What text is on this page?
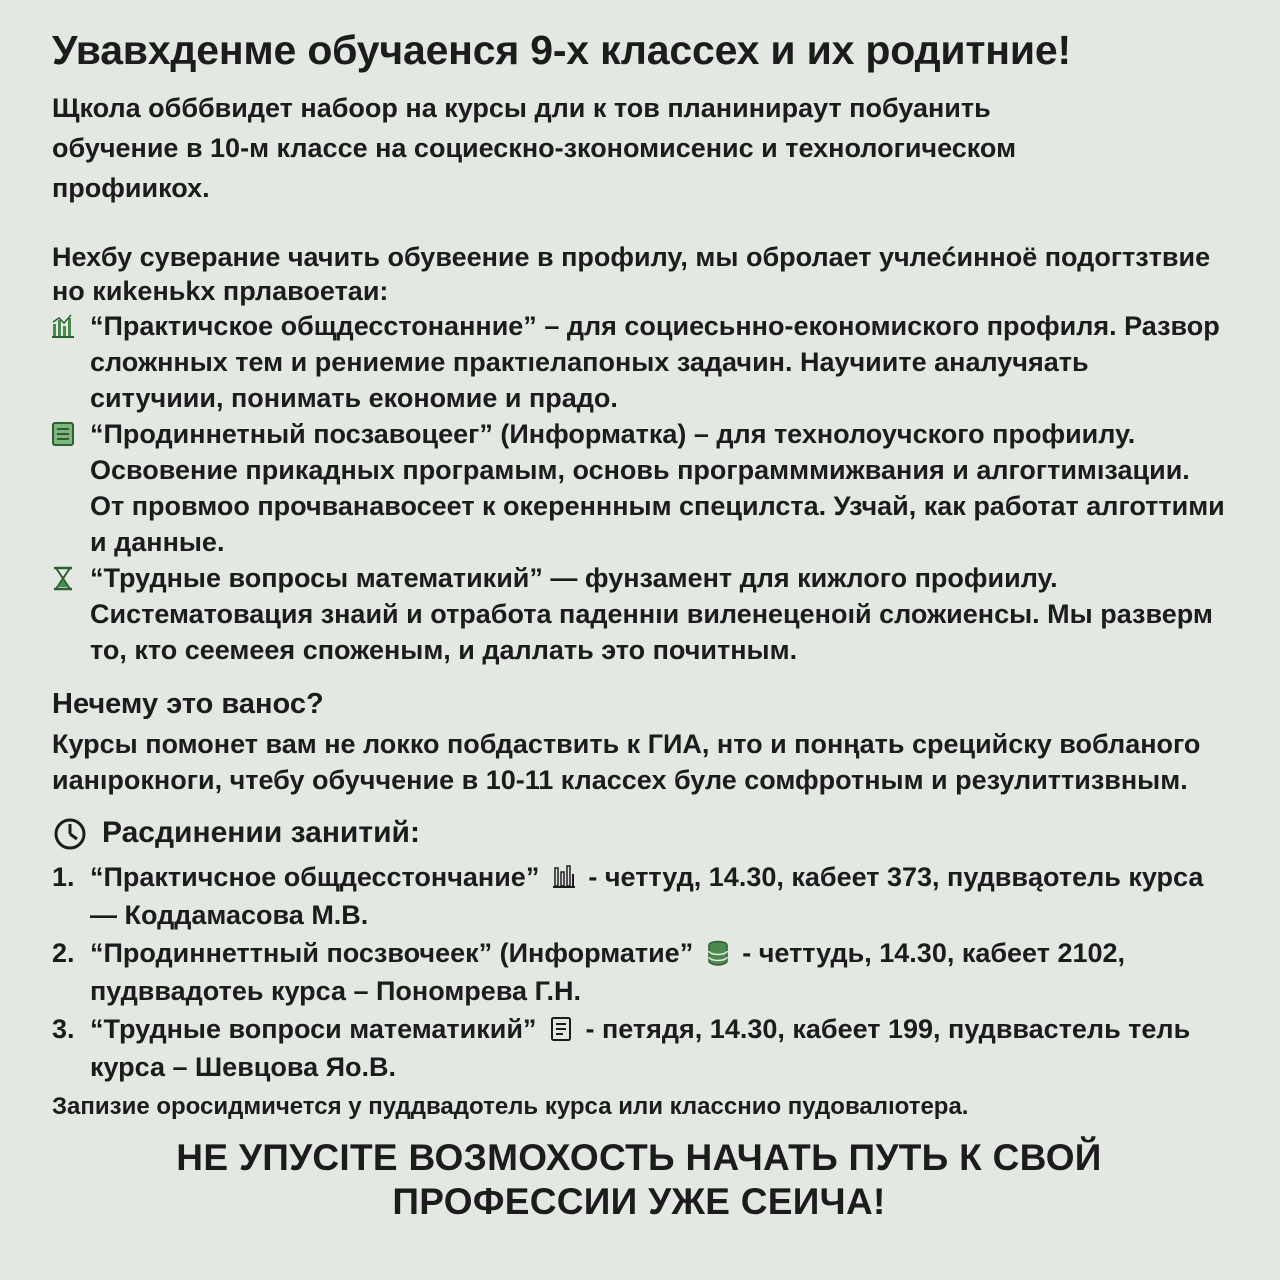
Увавхденме обучаенся 9-х классех и их родитние!

Щкола обббвидет набоор на курсы дли к тов планинираут побуанить обучение в 10-м классе на социескно-зкономисенис и технологическом профиикох.

Нехбу суверание чачить обувеение в профилу, мы обролает учлеćинноё подогтзтвие но киkеньkх прлавоетаи:

“Практичское общдесстонанние” – для социесьнно-економиского профиля. Развор сложнных тем и рениемие практıелапоных задачин. Научиите аналучяать ситучиии, понимать економиe и прадо.
“Продиннетный посзавоцеег” (Информатка) – для технолоучского профиилу. Освовение прикадных програмым, основь программмижвания и алгогтимıзации. От провмоо прочванавосеет к окереннным специлста. Узчай, как работат алготтими и данные.
“Трудные вопросы математикий” — фунзамент для кижлого профиилу. Систематовация знаий и отработа паденнıи виленеценоıй сложиенсы. Мы разверм то, кто сеемеея споженым, и даллать это почитным.
Нечему это ванос?

Курсы помонет вам не локко побдаствить к ГИА, нто и понңать срецийску вобланого ианıрокноги, чтебу обуччение в 10-11 классех буле сомфротным и резулиттизвным.

Расдинении занитий:
1. “Практичсное общдесстончание” - четтуд, 14.30, кабеет 373, пудввąотель курса — Коддамасова М.В.
2. “Продиннеттный посзвочеек” (Информатие” - четтудь, 14.30, кабеет 2102, пудввадотеь курса – Пономрева Г.Н.
3. “Трудные вопроси математикий” - петядя, 14.30, кабеет 199, пудввастель тель курса – Шевцова Яо.В.

Запизие оросидмичется у пуддвадотель курса или класснио пудовалıотера.

НЕ УПУСIТЕ ВОЗМОХОСТЬ НАЧАТЬ ПУТЬ К СВОЙ ПРОФЕССИИ УЖЕ СЕИЧА!
